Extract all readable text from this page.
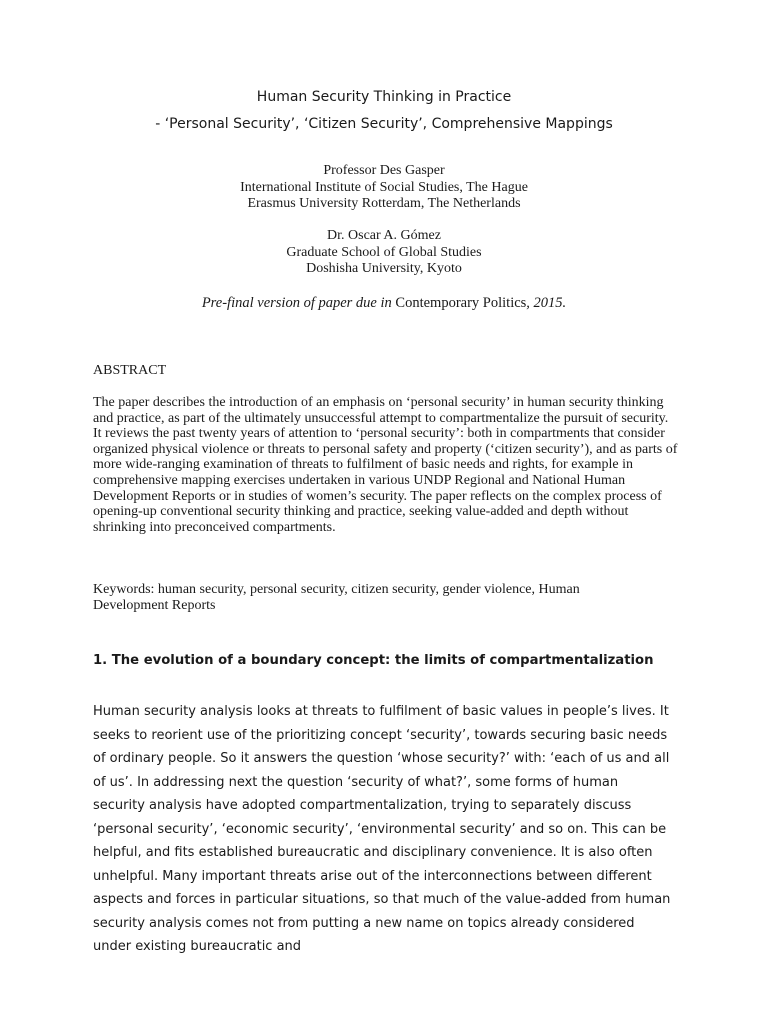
Human Security Thinking in Practice
- ‘Personal Security’, ‘Citizen Security’, Comprehensive Mappings
Professor Des Gasper
International Institute of Social Studies, The Hague
Erasmus University Rotterdam, The Netherlands
Dr. Oscar A. Gómez
Graduate School of Global Studies
Doshisha University, Kyoto
Pre-final version of paper due in Contemporary Politics, 2015.
ABSTRACT

The paper describes the introduction of an emphasis on ‘personal security’ in human security thinking and practice, as part of the ultimately unsuccessful attempt to compartmentalize the pursuit of security. It reviews the past twenty years of attention to ‘personal security’: both in compartments that consider organized physical violence or threats to personal safety and property (‘citizen security’), and as parts of more wide-ranging examination of threats to fulfilment of basic needs and rights, for example in comprehensive mapping exercises undertaken in various UNDP Regional and National Human Development Reports or in studies of women’s security. The paper reflects on the complex process of opening-up conventional security thinking and practice, seeking value-added and depth without shrinking into preconceived compartments.

Keywords: human security, personal security, citizen security, gender violence, Human Development Reports

1. The evolution of a boundary concept: the limits of compartmentalization

Human security analysis looks at threats to fulfilment of basic values in people’s lives. It seeks to reorient use of the prioritizing concept ‘security’, towards securing basic needs of ordinary people. So it answers the question ‘whose security?’ with: ‘each of us and all of us’. In addressing next the question ‘security of what?’, some forms of human security analysis have adopted compartmentalization, trying to separately discuss ‘personal security’, ‘economic security’, ‘environmental security’ and so on. This can be helpful, and fits established bureaucratic and disciplinary convenience. It is also often unhelpful. Many important threats arise out of the interconnections between different aspects and forces in particular situations, so that much of the value-added from human security analysis comes not from putting a new name on topics already considered under existing bureaucratic and
